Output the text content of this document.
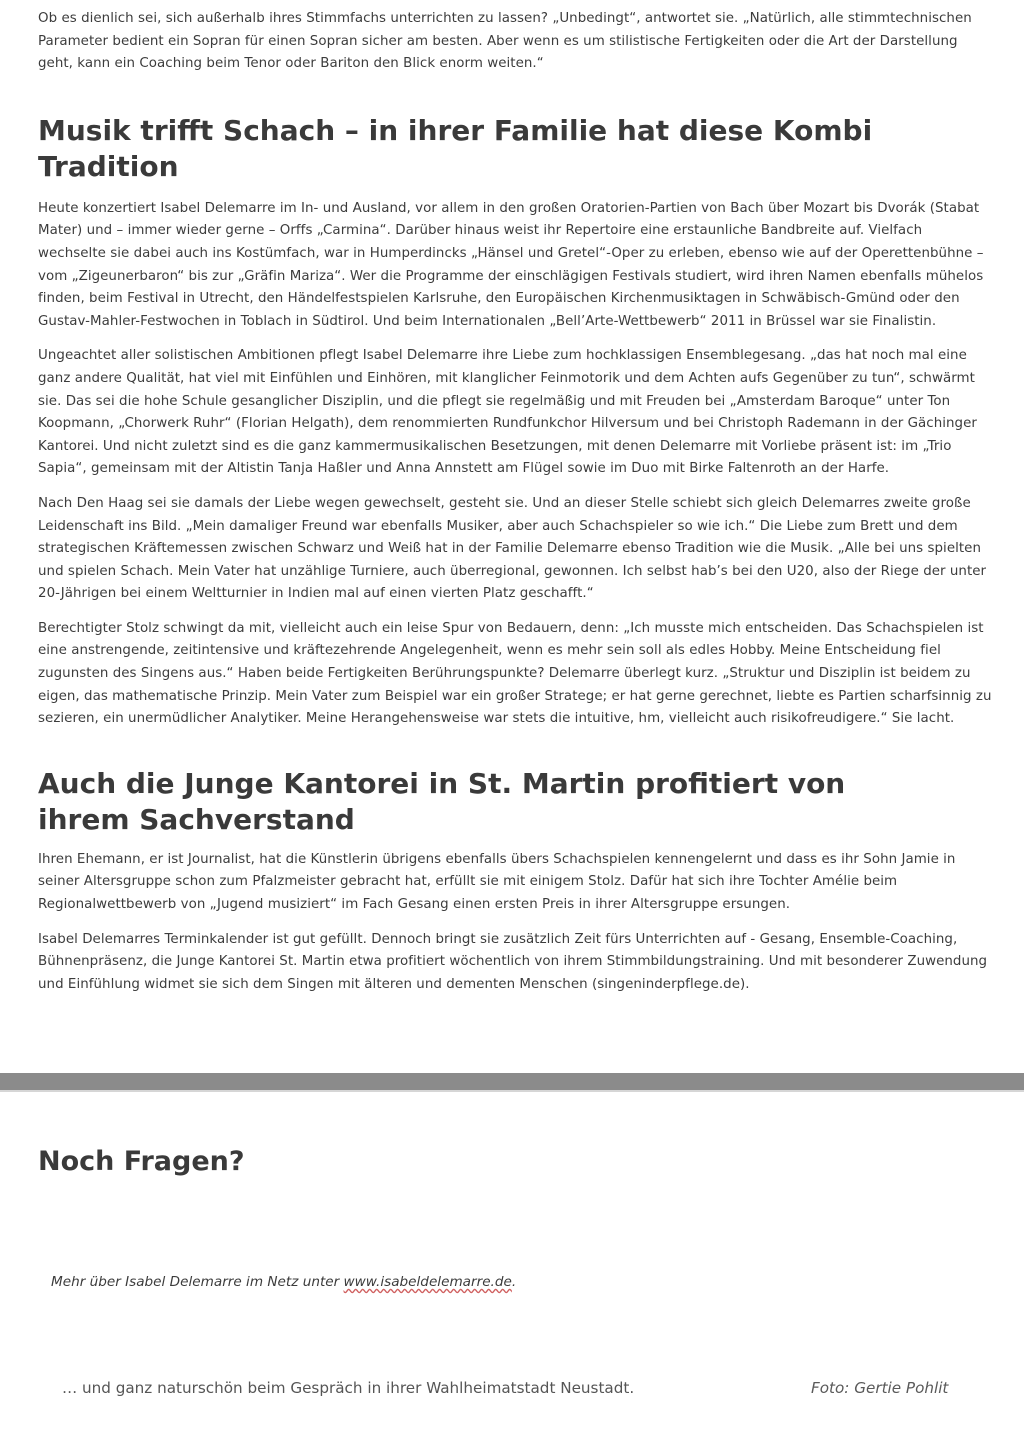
Ob es dienlich sei, sich außerhalb ihres Stimmfachs unterrichten zu lassen? „Unbedingt“, antwortet sie. „Natürlich, alle stimmtechnischen Parameter bedient ein Sopran für einen Sopran sicher am besten. Aber wenn es um stilistische Fertigkeiten oder die Art der Darstellung geht, kann ein Coaching beim Tenor oder Bariton den Blick enorm weiten.“

Musik trifft Schach – in ihrer Familie hat diese Kombi Tradition

Heute konzertiert Isabel Delemarre im In- und Ausland, vor allem in den großen Oratorien-Partien von Bach über Mozart bis Dvorák (Stabat Mater) und – immer wieder gerne – Orffs „Carmina“. Darüber hinaus weist ihr Repertoire eine erstaunliche Bandbreite auf. Vielfach wechselte sie dabei auch ins Kostümfach, war in Humperdincks „Hänsel und Gretel“-Oper zu erleben, ebenso wie auf der Operettenbühne – vom „Zigeunerbaron“ bis zur „Gräfin Mariza“. Wer die Programme der einschlägigen Festivals studiert, wird ihren Namen ebenfalls mühelos finden, beim Festival in Utrecht, den Händelfestspielen Karlsruhe, den Europäischen Kirchenmusiktagen in Schwäbisch-Gmünd oder den Gustav-Mahler-Festwochen in Toblach in Südtirol. Und beim Internationalen „Bell’Arte-Wettbewerb“ 2011 in Brüssel war sie Finalistin.

Ungeachtet aller solistischen Ambitionen pflegt Isabel Delemarre ihre Liebe zum hochklassigen Ensemblegesang. „das hat noch mal eine ganz andere Qualität, hat viel mit Einfühlen und Einhören, mit klanglicher Feinmotorik und dem Achten aufs Gegenüber zu tun“, schwärmt sie. Das sei die hohe Schule gesanglicher Disziplin, und die pflegt sie regelmäßig und mit Freuden bei „Amsterdam Baroque“ unter Ton Koopmann, „Chorwerk Ruhr“ (Florian Helgath), dem renommierten Rundfunkchor Hilversum und bei Christoph Rademann in der Gächinger Kantorei. Und nicht zuletzt sind es die ganz kammermusikalischen Besetzungen, mit denen Delemarre mit Vorliebe präsent ist: im „Trio Sapia“, gemeinsam mit der Altistin Tanja Haßler und Anna Annstett am Flügel sowie im Duo mit Birke Faltenroth an der Harfe.

Nach Den Haag sei sie damals der Liebe wegen gewechselt, gesteht sie. Und an dieser Stelle schiebt sich gleich Delemarres zweite große Leidenschaft ins Bild. „Mein damaliger Freund war ebenfalls Musiker, aber auch Schachspieler so wie ich.“ Die Liebe zum Brett und dem strategischen Kräftemessen zwischen Schwarz und Weiß hat in der Familie Delemarre ebenso Tradition wie die Musik. „Alle bei uns spielten und spielen Schach. Mein Vater hat unzählige Turniere, auch überregional, gewonnen. Ich selbst hab’s bei den U20, also der Riege der unter 20-Jährigen bei einem Weltturnier in Indien mal auf einen vierten Platz geschafft.“

Berechtigter Stolz schwingt da mit, vielleicht auch ein leise Spur von Bedauern, denn: „Ich musste mich entscheiden. Das Schachspielen ist eine anstrengende, zeitintensive und kräftezehrende Angelegenheit, wenn es mehr sein soll als edles Hobby. Meine Entscheidung fiel zugunsten des Singens aus.“ Haben beide Fertigkeiten Berührungspunkte? Delemarre überlegt kurz. „Struktur und Disziplin ist beidem zu eigen, das mathematische Prinzip. Mein Vater zum Beispiel war ein großer Stratege; er hat gerne gerechnet, liebte es Partien scharfsinnig zu sezieren, ein unermüdlicher Analytiker. Meine Herangehensweise war stets die intuitive, hm, vielleicht auch risikofreudigere.“ Sie lacht.

Auch die Junge Kantorei in St. Martin profitiert von ihrem Sachverstand

Ihren Ehemann, er ist Journalist, hat die Künstlerin übrigens ebenfalls übers Schachspielen kennengelernt und dass es ihr Sohn Jamie in seiner Altersgruppe schon zum Pfalzmeister gebracht hat, erfüllt sie mit einigem Stolz. Dafür hat sich ihre Tochter Amélie beim Regionalwettbewerb von „Jugend musiziert“ im Fach Gesang einen ersten Preis in ihrer Altersgruppe ersungen.

Isabel Delemarres Terminkalender ist gut gefüllt. Dennoch bringt sie zusätzlich Zeit fürs Unterrichten auf - Gesang, Ensemble-Coaching, Bühnenpräsenz, die Junge Kantorei St. Martin etwa profitiert wöchentlich von ihrem Stimmbildungstraining. Und mit besonderer Zuwendung und Einfühlung widmet sie sich dem Singen mit älteren und dementen Menschen (singeninderpflege.de).

Noch Fragen?
Mehr über Isabel Delemarre im Netz unter www.isabeldelemarre.de.
… und ganz naturschön beim Gespräch in ihrer Wahlheimatstadt Neustadt.	Foto: Gertie Pohlit
